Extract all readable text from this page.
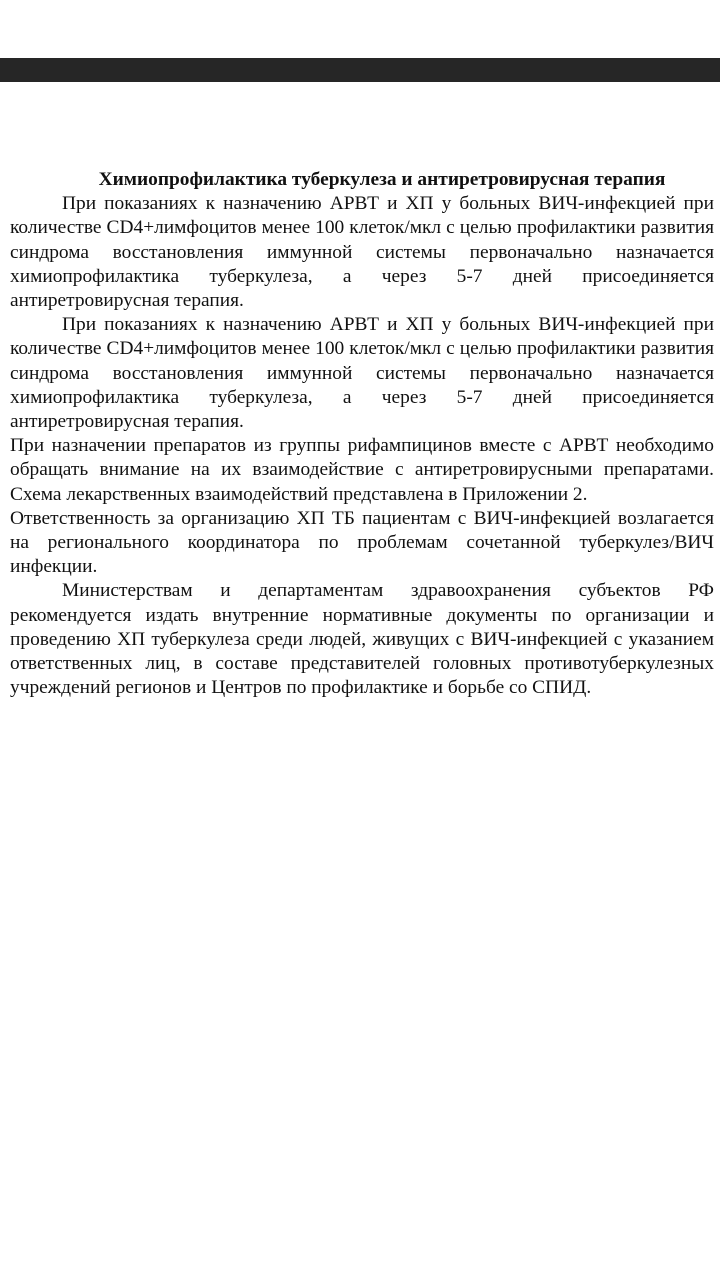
Химиопрофилактика туберкулеза и антиретровирусная терапия

При показаниях к назначению АРВТ и ХП у больных ВИЧ-инфекцией при количестве CD4+лимфоцитов менее 100 клеток/мкл с целью профилактики развития синдрома восстановления иммунной системы первоначально назначается химиопрофилактика туберкулеза, а через 5-7 дней присоединяется антиретровирусная терапия.

При показаниях к назначению АРВТ и ХП у больных ВИЧ-инфекцией при количестве CD4+лимфоцитов менее 100 клеток/мкл с целью профилактики развития синдрома восстановления иммунной системы первоначально назначается химиопрофилактика туберкулеза, а через 5-7 дней присоединяется антиретровирусная терапия.

При назначении препаратов из группы рифампицинов вместе с АРВТ необходимо обращать внимание на их взаимодействие с антиретровирусными препаратами. Схема лекарственных взаимодействий представлена в Приложении 2.

Ответственность за организацию ХП ТБ пациентам с ВИЧ-инфекцией возлагается на регионального координатора по проблемам сочетанной туберкулез/ВИЧ инфекции.

Министерствам и департаментам здравоохранения субъектов РФ рекомендуется издать внутренние нормативные документы по организации и проведению ХП туберкулеза среди людей, живущих с ВИЧ-инфекцией с указанием ответственных лиц, в составе представителей головных противотуберкулезных учреждений регионов и Центров по профилактике и борьбе со СПИД.
